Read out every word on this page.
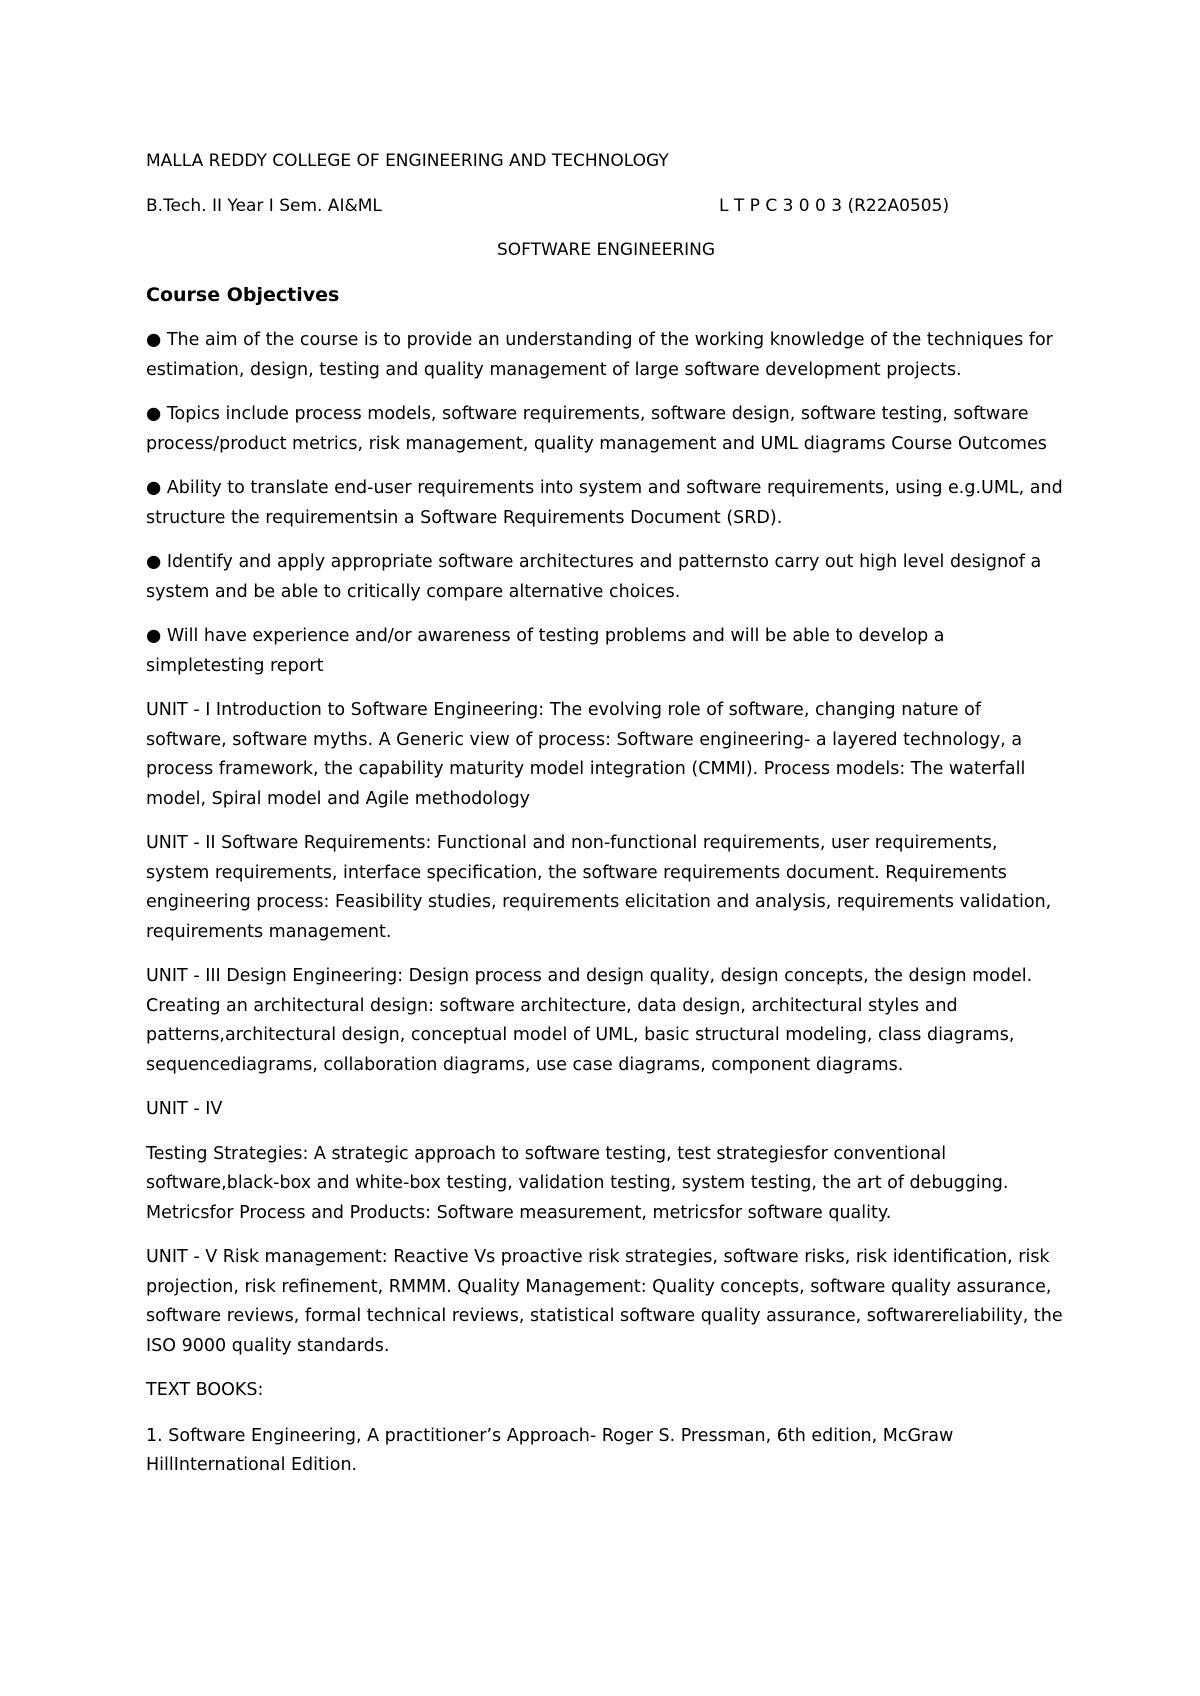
MALLA REDDY COLLEGE OF ENGINEERING AND TECHNOLOGY

B.Tech. II Year I Sem. AI&ML	L T P C 3 0 0 3 (R22A0505)

SOFTWARE ENGINEERING

Course Objectives

● The aim of the course is to provide an understanding of the working knowledge of the techniques for estimation, design, testing and quality management of large software development projects.

● Topics include process models, software requirements, software design, software testing, software process/product metrics, risk management, quality management and UML diagrams Course Outcomes

● Ability to translate end-user requirements into system and software requirements, using e.g.UML, and structure the requirementsin a Software Requirements Document (SRD).

● Identify and apply appropriate software architectures and patternsto carry out high level designof a system and be able to critically compare alternative choices.

● Will have experience and/or awareness of testing problems and will be able to develop a simpletesting report

UNIT - I Introduction to Software Engineering: The evolving role of software, changing nature of software, software myths. A Generic view of process: Software engineering- a layered technology, a process framework, the capability maturity model integration (CMMI). Process models: The waterfall model, Spiral model and Agile methodology

UNIT - II Software Requirements: Functional and non-functional requirements, user requirements, system requirements, interface specification, the software requirements document. Requirements engineering process: Feasibility studies, requirements elicitation and analysis, requirements validation, requirements management.

UNIT - III Design Engineering: Design process and design quality, design concepts, the design model. Creating an architectural design: software architecture, data design, architectural styles and patterns,architectural design, conceptual model of UML, basic structural modeling, class diagrams, sequencediagrams, collaboration diagrams, use case diagrams, component diagrams.

UNIT - IV

Testing Strategies: A strategic approach to software testing, test strategiesfor conventional software,black-box and white-box testing, validation testing, system testing, the art of debugging. Metricsfor Process and Products: Software measurement, metricsfor software quality.

UNIT - V Risk management: Reactive Vs proactive risk strategies, software risks, risk identification, risk projection, risk refinement, RMMM. Quality Management: Quality concepts, software quality assurance, software reviews, formal technical reviews, statistical software quality assurance, softwarereliability, the ISO 9000 quality standards.

TEXT BOOKS:

1. Software Engineering, A practitioner’s Approach- Roger S. Pressman, 6th edition, McGraw HillInternational Edition.
